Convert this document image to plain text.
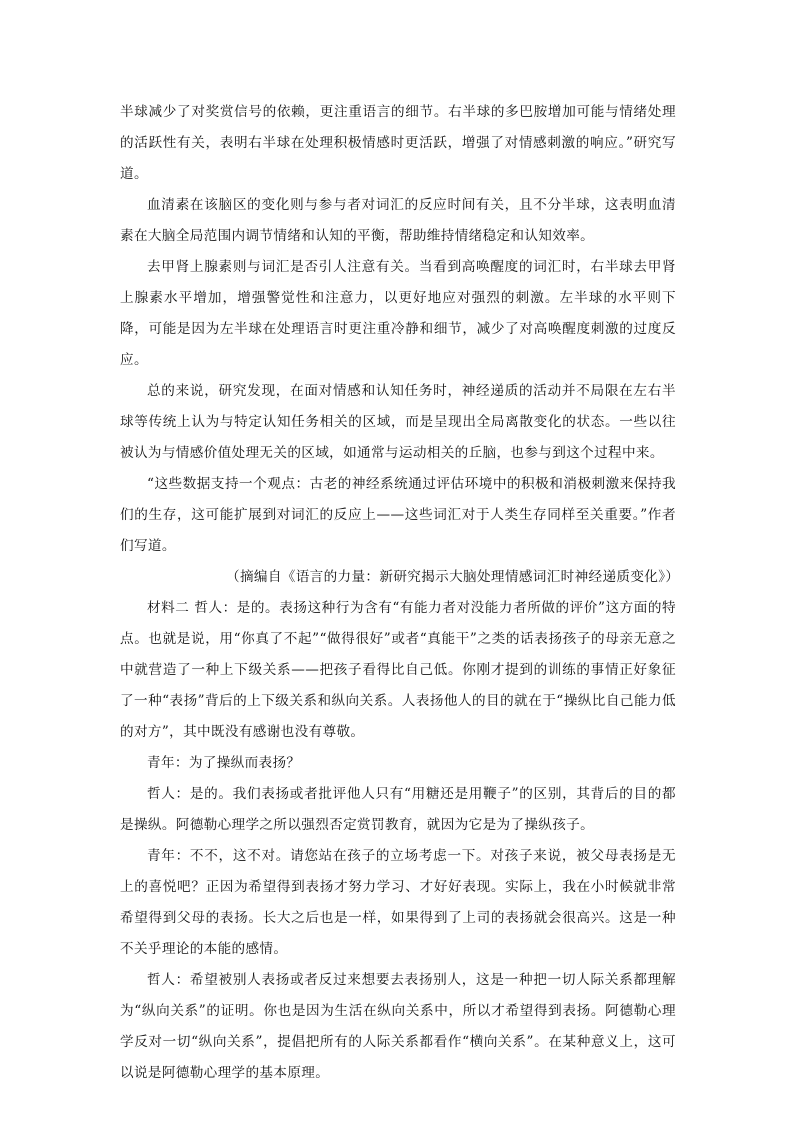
半球减少了对奖赏信号的依赖，更注重语言的细节。右半球的多巴胺增加可能与情绪处理的活跃性有关，表明右半球在处理积极情感时更活跃，增强了对情感刺激的响应。”研究写道。

血清素在该脑区的变化则与参与者对词汇的反应时间有关，且不分半球，这表明血清素在大脑全局范围内调节情绪和认知的平衡，帮助维持情绪稳定和认知效率。

去甲肾上腺素则与词汇是否引人注意有关。当看到高唤醒度的词汇时，右半球去甲肾上腺素水平增加，增强警觉性和注意力，以更好地应对强烈的刺激。左半球的水平则下降，可能是因为左半球在处理语言时更注重冷静和细节，减少了对高唤醒度刺激的过度反应。

总的来说，研究发现，在面对情感和认知任务时，神经递质的活动并不局限在左右半球等传统上认为与特定认知任务相关的区域，而是呈现出全局离散变化的状态。一些以往被认为与情感价值处理无关的区域，如通常与运动相关的丘脑，也参与到这个过程中来。

“这些数据支持一个观点：古老的神经系统通过评估环境中的积极和消极刺激来保持我们的生存，这可能扩展到对词汇的反应上——这些词汇对于人类生存同样至关重要。”作者们写道。

（摘编自《语言的力量：新研究揭示大脑处理情感词汇时神经递质变化》）

材料二 哲人：是的。表扬这种行为含有“有能力者对没能力者所做的评价”这方面的特点。也就是说，用“你真了不起”“做得很好”或者“真能干”之类的话表扬孩子的母亲无意之中就营造了一种上下级关系——把孩子看得比自己低。你刚才提到的训练的事情正好象征了一种“表扬”背后的上下级关系和纵向关系。人表扬他人的目的就在于“操纵比自己能力低的对方”，其中既没有感谢也没有尊敬。

青年：为了操纵而表扬？

哲人：是的。我们表扬或者批评他人只有“用糖还是用鞭子”的区别，其背后的目的都是操纵。阿德勒心理学之所以强烈否定赏罚教育，就因为它是为了操纵孩子。

青年：不不，这不对。请您站在孩子的立场考虑一下。对孩子来说，被父母表扬是无上的喜悦吧？正因为希望得到表扬才努力学习、才好好表现。实际上，我在小时候就非常希望得到父母的表扬。长大之后也是一样，如果得到了上司的表扬就会很高兴。这是一种不关乎理论的本能的感情。

哲人：希望被别人表扬或者反过来想要去表扬别人，这是一种把一切人际关系都理解为“纵向关系”的证明。你也是因为生活在纵向关系中，所以才希望得到表扬。阿德勒心理学反对一切“纵向关系”，提倡把所有的人际关系都看作“横向关系”。在某种意义上，这可以说是阿德勒心理学的基本原理。
